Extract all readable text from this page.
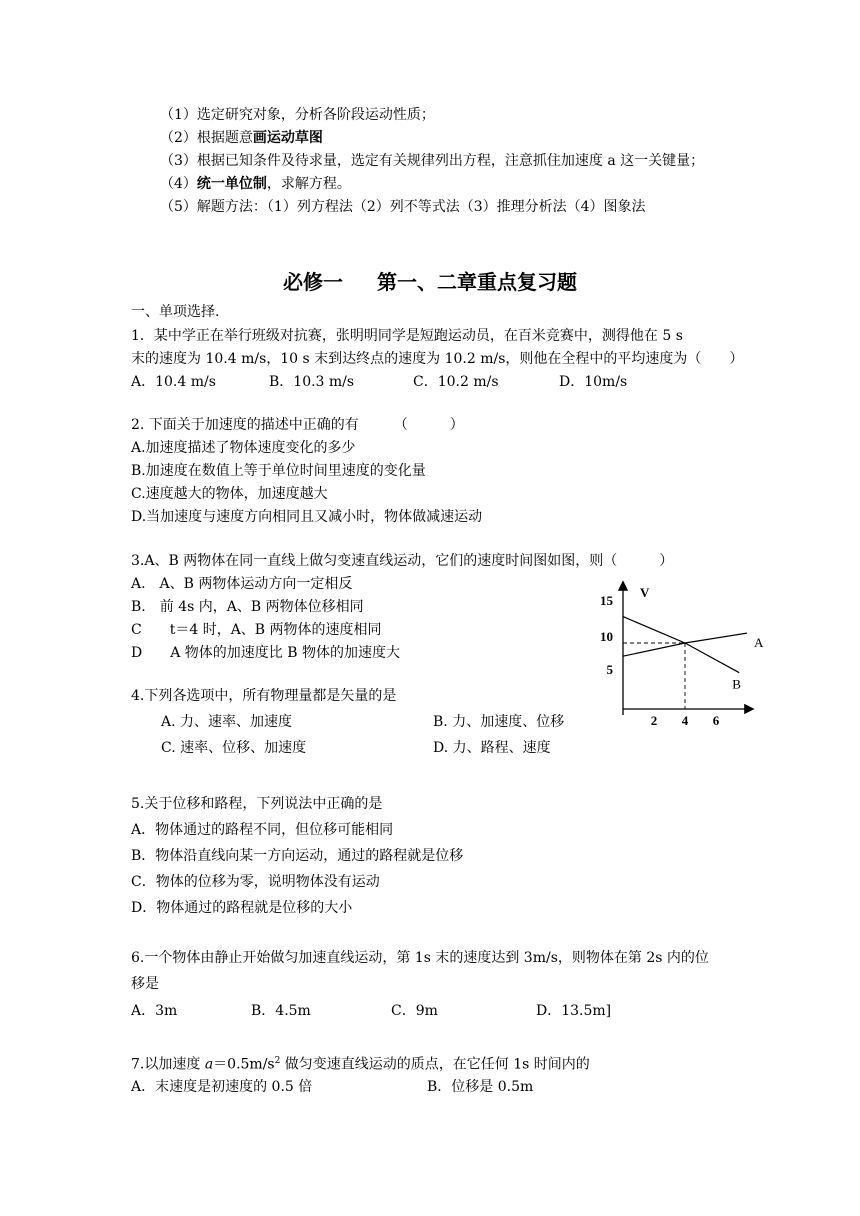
（1）选定研究对象，分析各阶段运动性质；
（2）根据题意画运动草图
（3）根据已知条件及待求量，选定有关规律列出方程，注意抓住加速度 a 这一关键量；
（4）统一单位制，求解方程。
（5）解题方法：（1）列方程法（2）列不等式法（3）推理分析法（4）图象法
必修一 第一、二章重点复习题
一、单项选择.
1．某中学正在举行班级对抗赛，张明明同学是短跑运动员，在百米竞赛中，测得他在 5 s
末的速度为 10.4 m/s，10 s 末到达终点的速度为 10.2 m/s，则他在全程中的平均速度为（　　）
A．10.4 m/s	B．10.3 m/s	C．10.2 m/s	D．10m/s
2. 下面关于加速度的描述中正确的有　　　（　　　）
A.加速度描述了物体速度变化的多少
B.加速度在数值上等于单位时间里速度的变化量
C.速度越大的物体，加速度越大
D.当加速度与速度方向相同且又减小时，物体做减速运动
3.A、B 两物体在同一直线上做匀变速直线运动，它们的速度时间图如图，则（　　　）
A.　A、B 两物体运动方向一定相反
B.　前 4s 内，A、B 两物体位移相同
C　　t＝4 时，A、B 两物体的速度相同
D　　A 物体的加速度比 B 物体的加速度大
V
2 4 6
15
10
5
A
B
4.下列各选项中，所有物理量都是矢量的是
A. 力、速率、加速度	B. 力、加速度、位移
C. 速率、位移、加速度	D. 力、路程、速度
5.关于位移和路程，下列说法中正确的是
A．物体通过的路程不同，但位移可能相同
B．物体沿直线向某一方向运动，通过的路程就是位移
C．物体的位移为零，说明物体没有运动
D．物体通过的路程就是位移的大小
6.一个物体由静止开始做匀加速直线运动，第 1s 末的速度达到 3m/s，则物体在第 2s 内的位
移是
A．3m	B．4.5m	C．9m	D．13.5m]
7.以加速度 $a=0.5m/s^2$ 做匀变速直线运动的质点，在它任何 1s 时间内的
A．末速度是初速度的 0.5 倍	B．位移是 0.5m
